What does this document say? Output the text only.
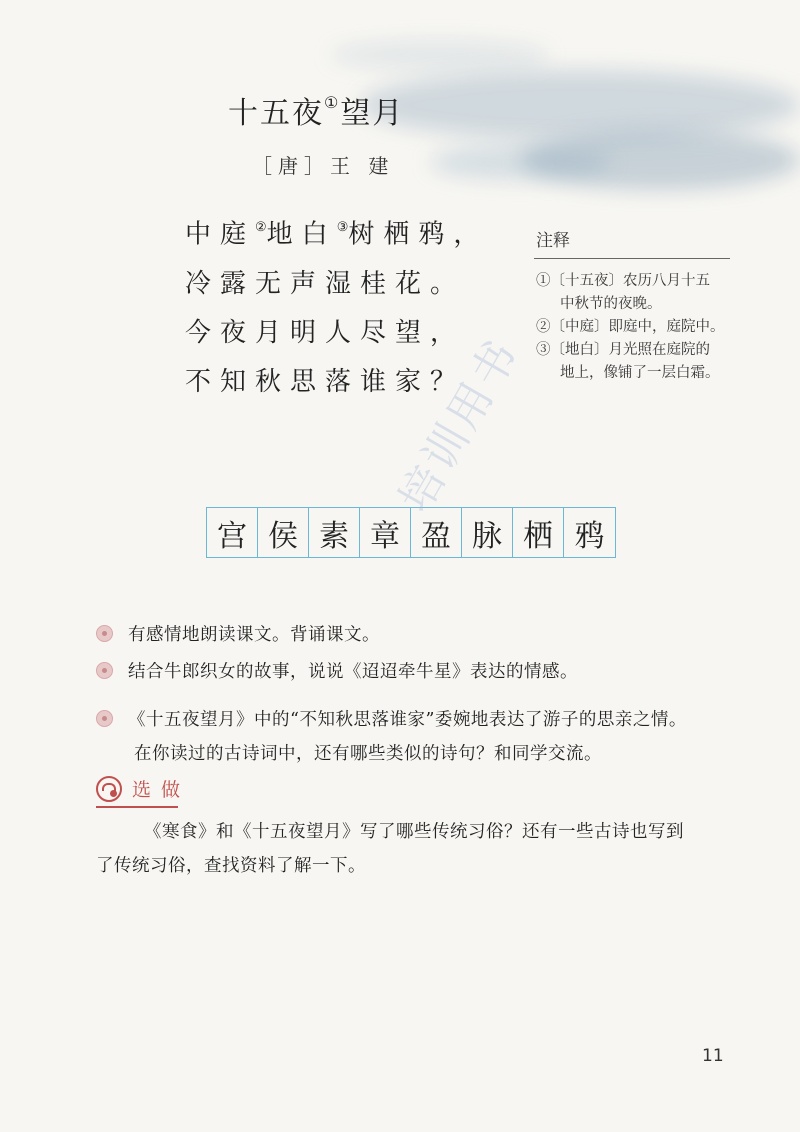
十五夜①望月
［唐］王 建
中庭②地白③树栖鸦，
冷露无声湿桂花。
今夜月明人尽望，
不知秋思落谁家？
注释
①〔十五夜〕农历八月十五
中秋节的夜晚。
②〔中庭〕即庭中，庭院中。
③〔地白〕月光照在庭院的
地上，像铺了一层白霜。
宫 侯 素 章 盈 脉 栖 鸦
培训用书
有感情地朗读课文。背诵课文。
结合牛郎织女的故事，说说《迢迢牵牛星》表达的情感。
《十五夜望月》中的“不知秋思落谁家”委婉地表达了游子的思亲之情。
在你读过的古诗词中，还有哪些类似的诗句？和同学交流。
选做
《寒食》和《十五夜望月》写了哪些传统习俗？还有一些古诗也写到
了传统习俗，查找资料了解一下。
11
